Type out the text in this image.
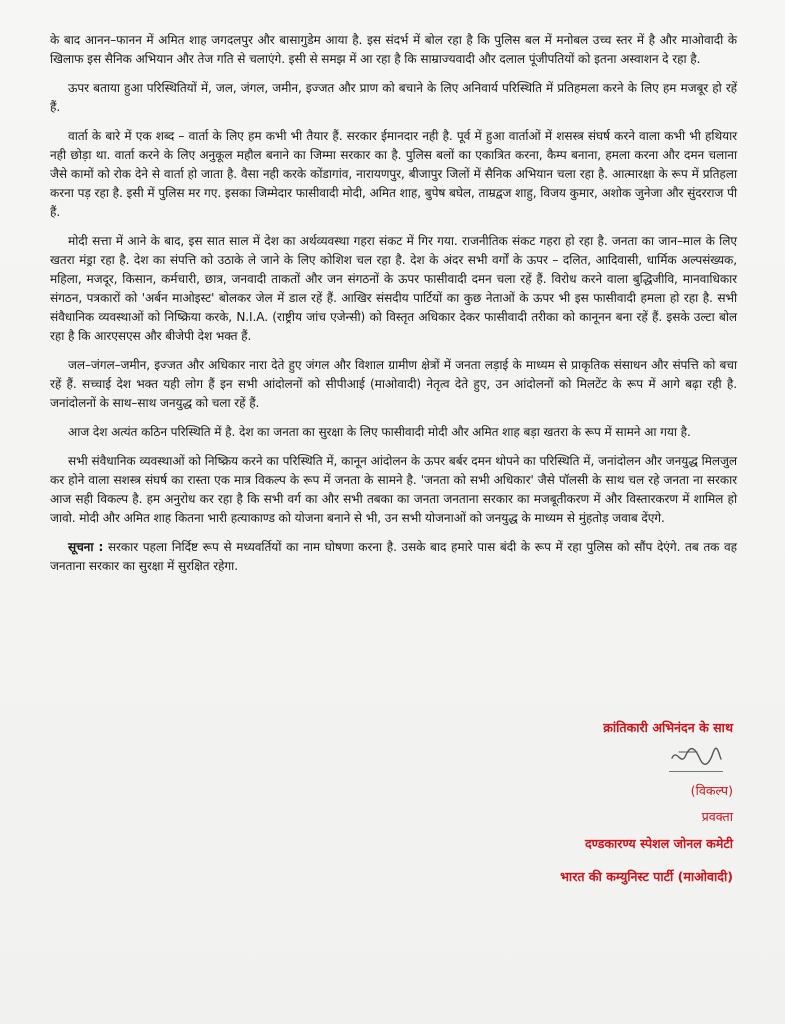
के बाद आनन–फानन में अमित शाह जगदलपुर और बासागुडेम आया है. इस संदर्भ में बोल रहा है कि पुलिस बल में मनोबल उच्च स्तर में है और माओवादी के खिलाफ इस सैनिक अभियान और तेज गति से चलाएंगे. इसी से समझ में आ रहा है कि साम्राज्यवादी और दलाल पूंजीपतियों को इतना अस्वाशन दे रहा है.

ऊपर बताया हुआ परिस्थितियों में, जल, जंगल, जमीन, इज्जत और प्राण को बचाने के लिए अनिवार्य परिस्थिति में प्रतिहमला करने के लिए हम मजबूर हो रहें हैं.

वार्ता के बारे में एक शब्द – वार्ता के लिए हम कभी भी तैयार हैं. सरकार ईमानदार नही है. पूर्व में हुआ वार्ताओं में शसस्त्र संघर्ष करने वाला कभी भी हथियार नही छोड़ा था. वार्ता करने के लिए अनुकूल महौल बनाने का जिम्मा सरकार का है. पुलिस बलों का एकात्रित करना, कैम्प बनाना, हमला करना और दमन चलाना जैसे कामों को रोक देने से वार्ता हो जाता है. वैसा नही करके कोंडागांव, नारायणपुर, बीजापुर जिलों में सैनिक अभियान चला रहा है. आत्मारक्षा के रूप में प्रतिहला करना पड़ रहा है. इसी में पुलिस मर गए. इसका जिम्मेदार फासीवादी मोदी, अमित शाह, बुपेष बघेल, ताम्रद्वज शाहु, विजय कुमार, अशोक जुनेजा और सुंदरराज पी हैं.

मोदी सत्ता में आने के बाद, इस सात साल में देश का अर्थव्यवस्था गहरा संकट में गिर गया. राजनीतिक संकट गहरा हो रहा है. जनता का जान–माल के लिए खतरा मंड्रा रहा है. देश का संपत्ति को उठाके ले जाने के लिए कोशिश चल रहा है. देश के अंदर सभी वर्गों के ऊपर – दलित, आदिवासी, धार्मिक अल्पसंख्यक, महिला, मजदूर, किसान, कर्मचारी, छात्र, जनवादी ताकतों और जन संगठनों के ऊपर फासीवादी दमन चला रहें हैं. विरोध करने वाला बुद्धिजीवि, मानवाधिकार संगठन, पत्रकारों को 'अर्बन माओइस्ट' बोलकर जेल में डाल रहें हैं. आखिर संसदीय पार्टियों का कुछ नेताओं के ऊपर भी इस फासीवादी हमला हो रहा है. सभी संवैधानिक व्यवस्थाओं को निष्क्रिया करके, N.I.A. (राष्ट्रीय जांच एजेन्सी) को विस्तृत अधिकार देकर फासीवादी तरीका को कानूनन बना रहें हैं. इसके उल्टा बोल रहा है कि आरएसएस और बीजेपी देश भक्त हैं.

जल–जंगल–जमीन, इज्जत और अधिकार नारा देते हुए जंगल और विशाल ग्रामीण क्षेत्रों में जनता लड़ाई के माध्यम से प्राकृतिक संसाधन और संपत्ति को बचा रहें हैं. सच्चाई देश भक्त यही लोग हैं इन सभी आंदोलनों को सीपीआई (माओवादी) नेतृत्व देते हुए, उन आंदोलनों को मिलटेंट के रूप में आगे बढ़ा रही है. जनांदोलनों के साथ–साथ जनयुद्ध को चला रहें हैं.

आज देश अत्यंत कठिन परिस्थिति में है. देश का जनता का सुरक्षा के लिए फासीवादी मोदी और अमित शाह बड़ा खतरा के रूप में सामने आ गया है.

सभी संवैधानिक व्यवस्थाओं को निष्क्रिय करने का परिस्थिति में, कानून आंदोलन के ऊपर बर्बर दमन थोपने का परिस्थिति में, जनांदोलन और जनयुद्ध मिलजुल कर होने वाला सशस्त्र संघर्ष का रास्ता एक मात्र विकल्प के रूप में जनता के सामने है. 'जनता को सभी अधिकार' जैसे पॉलसी के साथ चल रहे जनता ना सरकार आज सही विकल्प है. हम अनुरोध कर रहा है कि सभी वर्ग का और सभी तबका का जनता जनताना सरकार का मजबूतीकरण में और विस्तारकरण में शामिल हो जावो. मोदी और अमित शाह कितना भारी हत्याकाण्ड को योजना बनाने से भी, उन सभी योजनाओं को जनयुद्ध के माध्यम से मुंहतोड़ जवाब देंएगे.

सूचना : सरकार पहला निर्दिष्ट रूप से मध्यवर्तियों का नाम घोषणा करना है. उसके बाद हमारे पास बंदी के रूप में रहा पुलिस को सौंप देएंगे. तब तक वह जनताना सरकार का सुरक्षा में सुरक्षित रहेगा.

क्रांतिकारी अभिनंदन के साथ

(विकल्प)

प्रवक्ता

दण्डकारण्य स्पेशल जोनल कमेटी

भारत की कम्युनिस्ट पार्टी (माओवादी)
